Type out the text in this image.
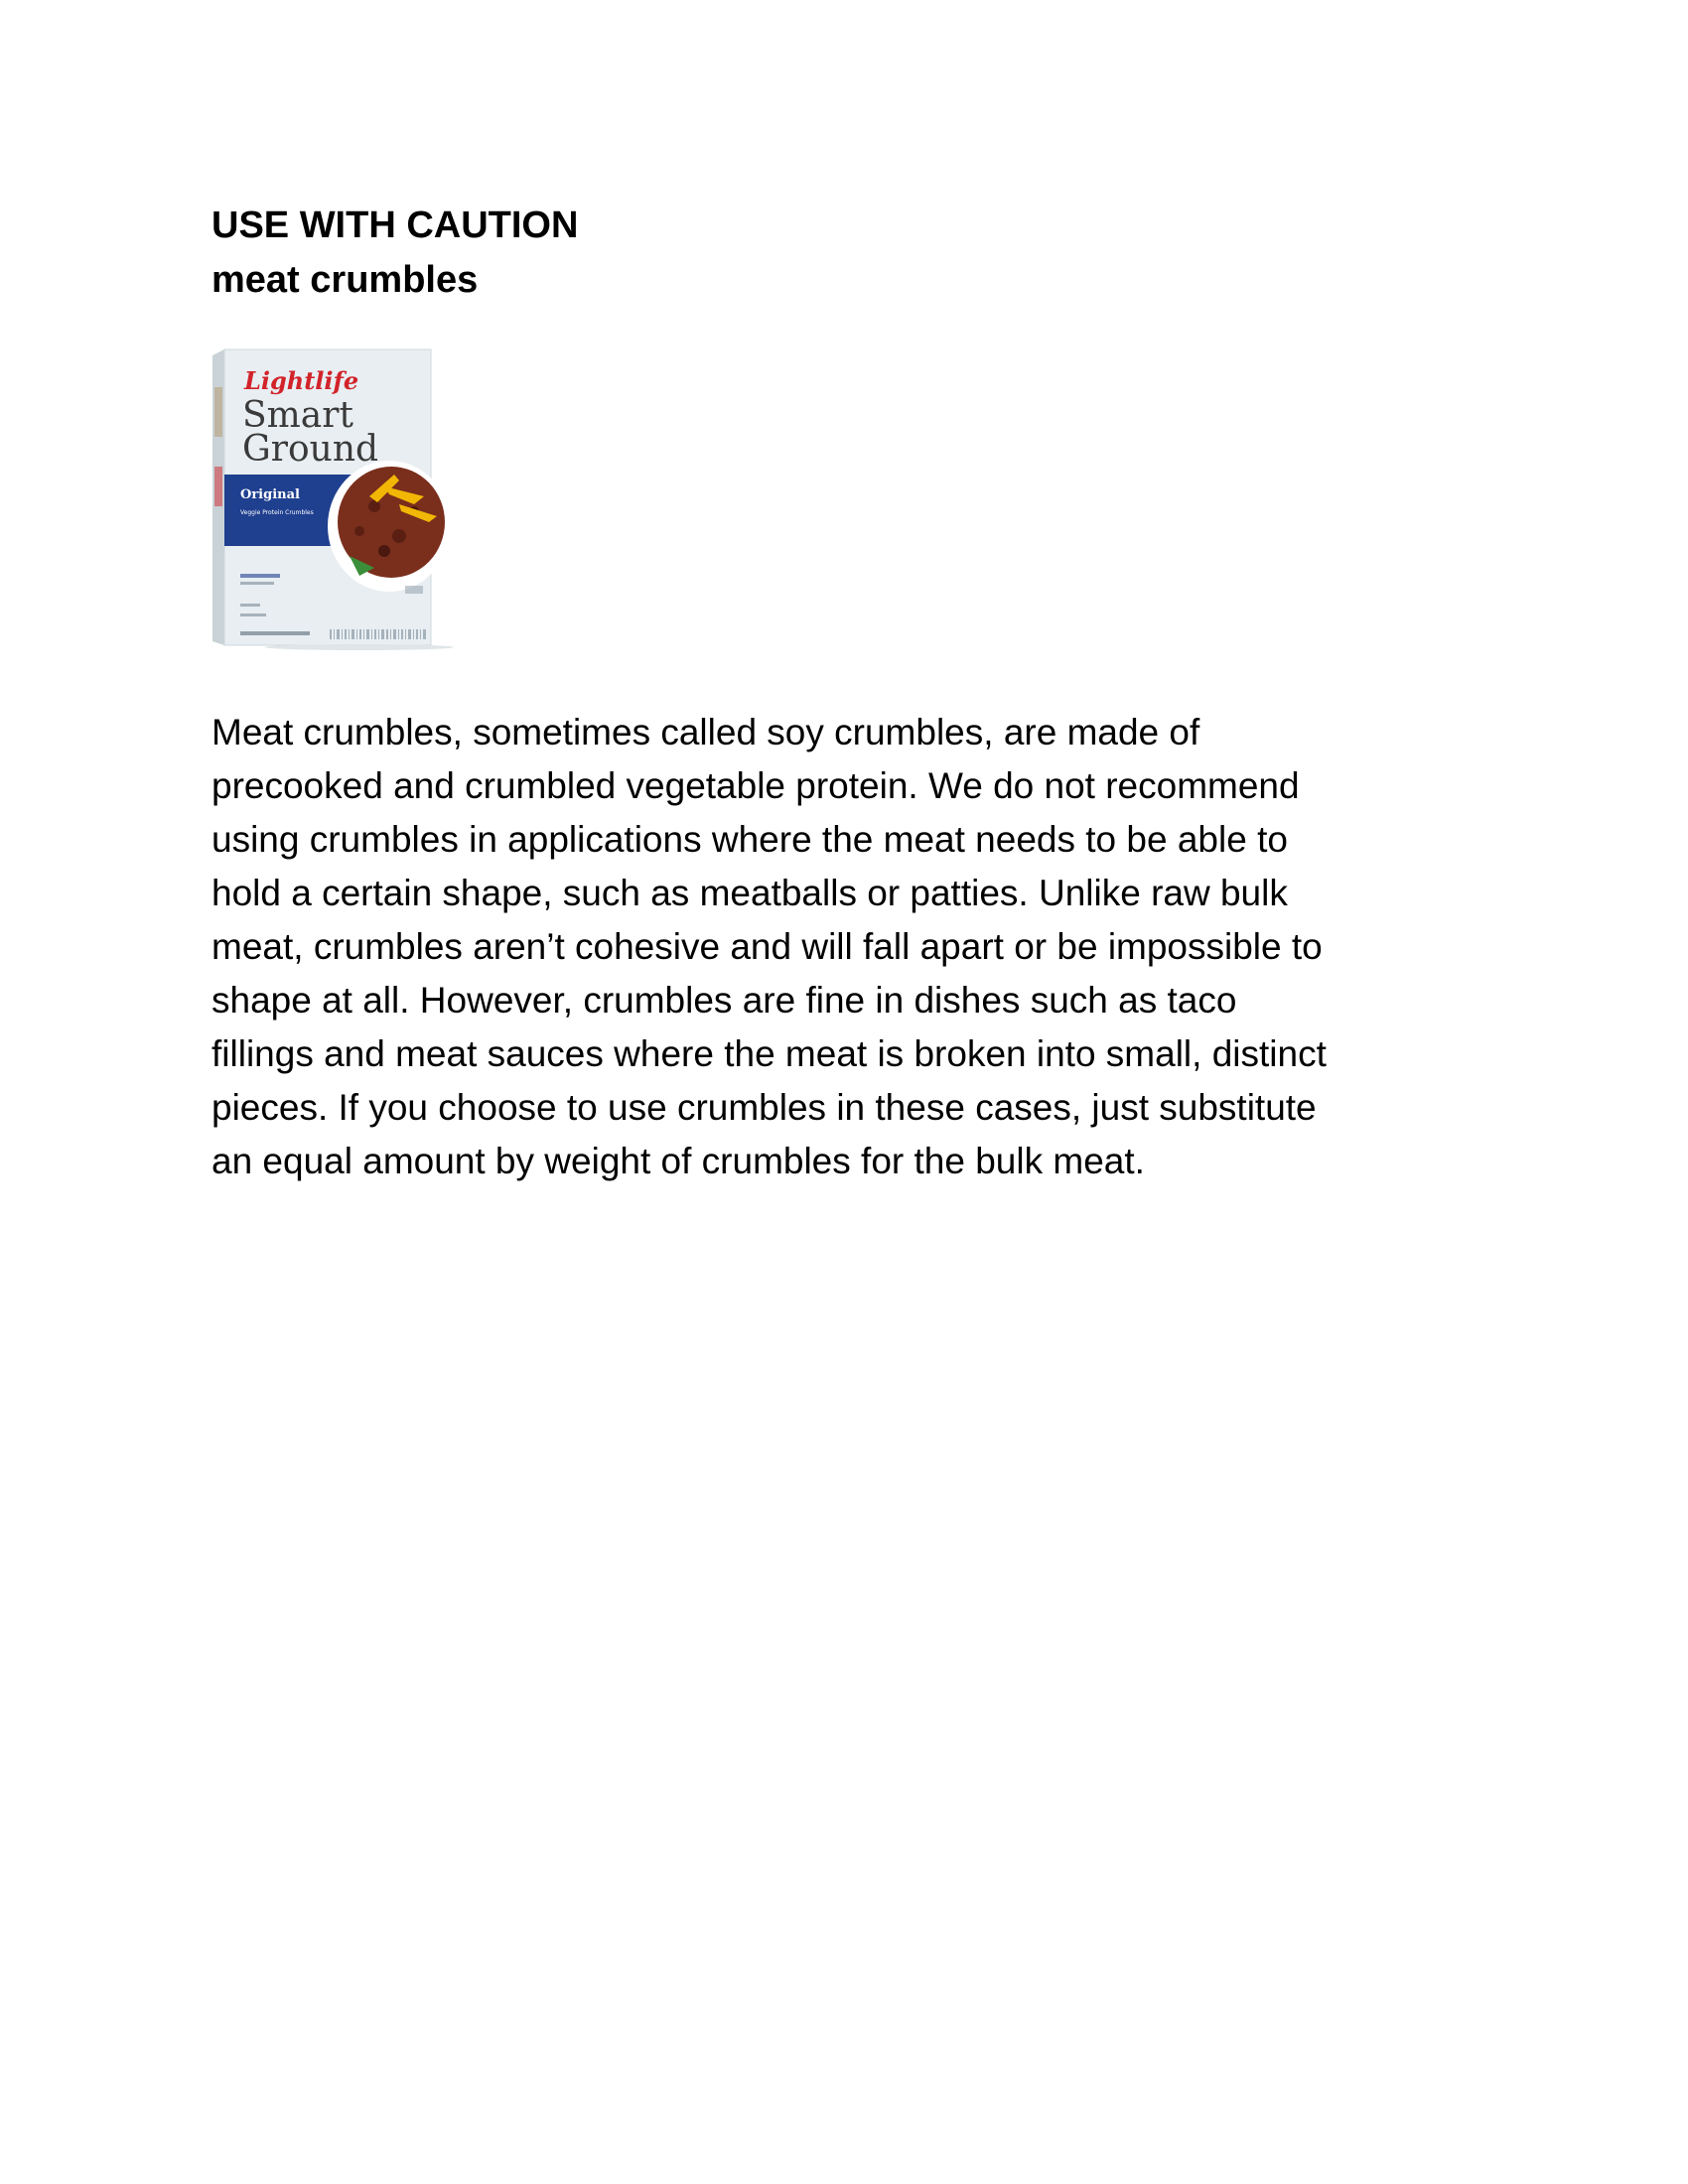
USE WITH CAUTION

meat crumbles

Lightlife
Smart
Ground
Original
Veggie Protein Crumbles

Meat crumbles, sometimes called soy crumbles, are made of
precooked and crumbled vegetable protein. We do not recommend
using crumbles in applications where the meat needs to be able to
hold a certain shape, such as meatballs or patties. Unlike raw bulk
meat, crumbles aren’t cohesive and will fall apart or be impossible to
shape at all. However, crumbles are fine in dishes such as taco
fillings and meat sauces where the meat is broken into small, distinct
pieces. If you choose to use crumbles in these cases, just substitute
an equal amount by weight of crumbles for the bulk meat.
